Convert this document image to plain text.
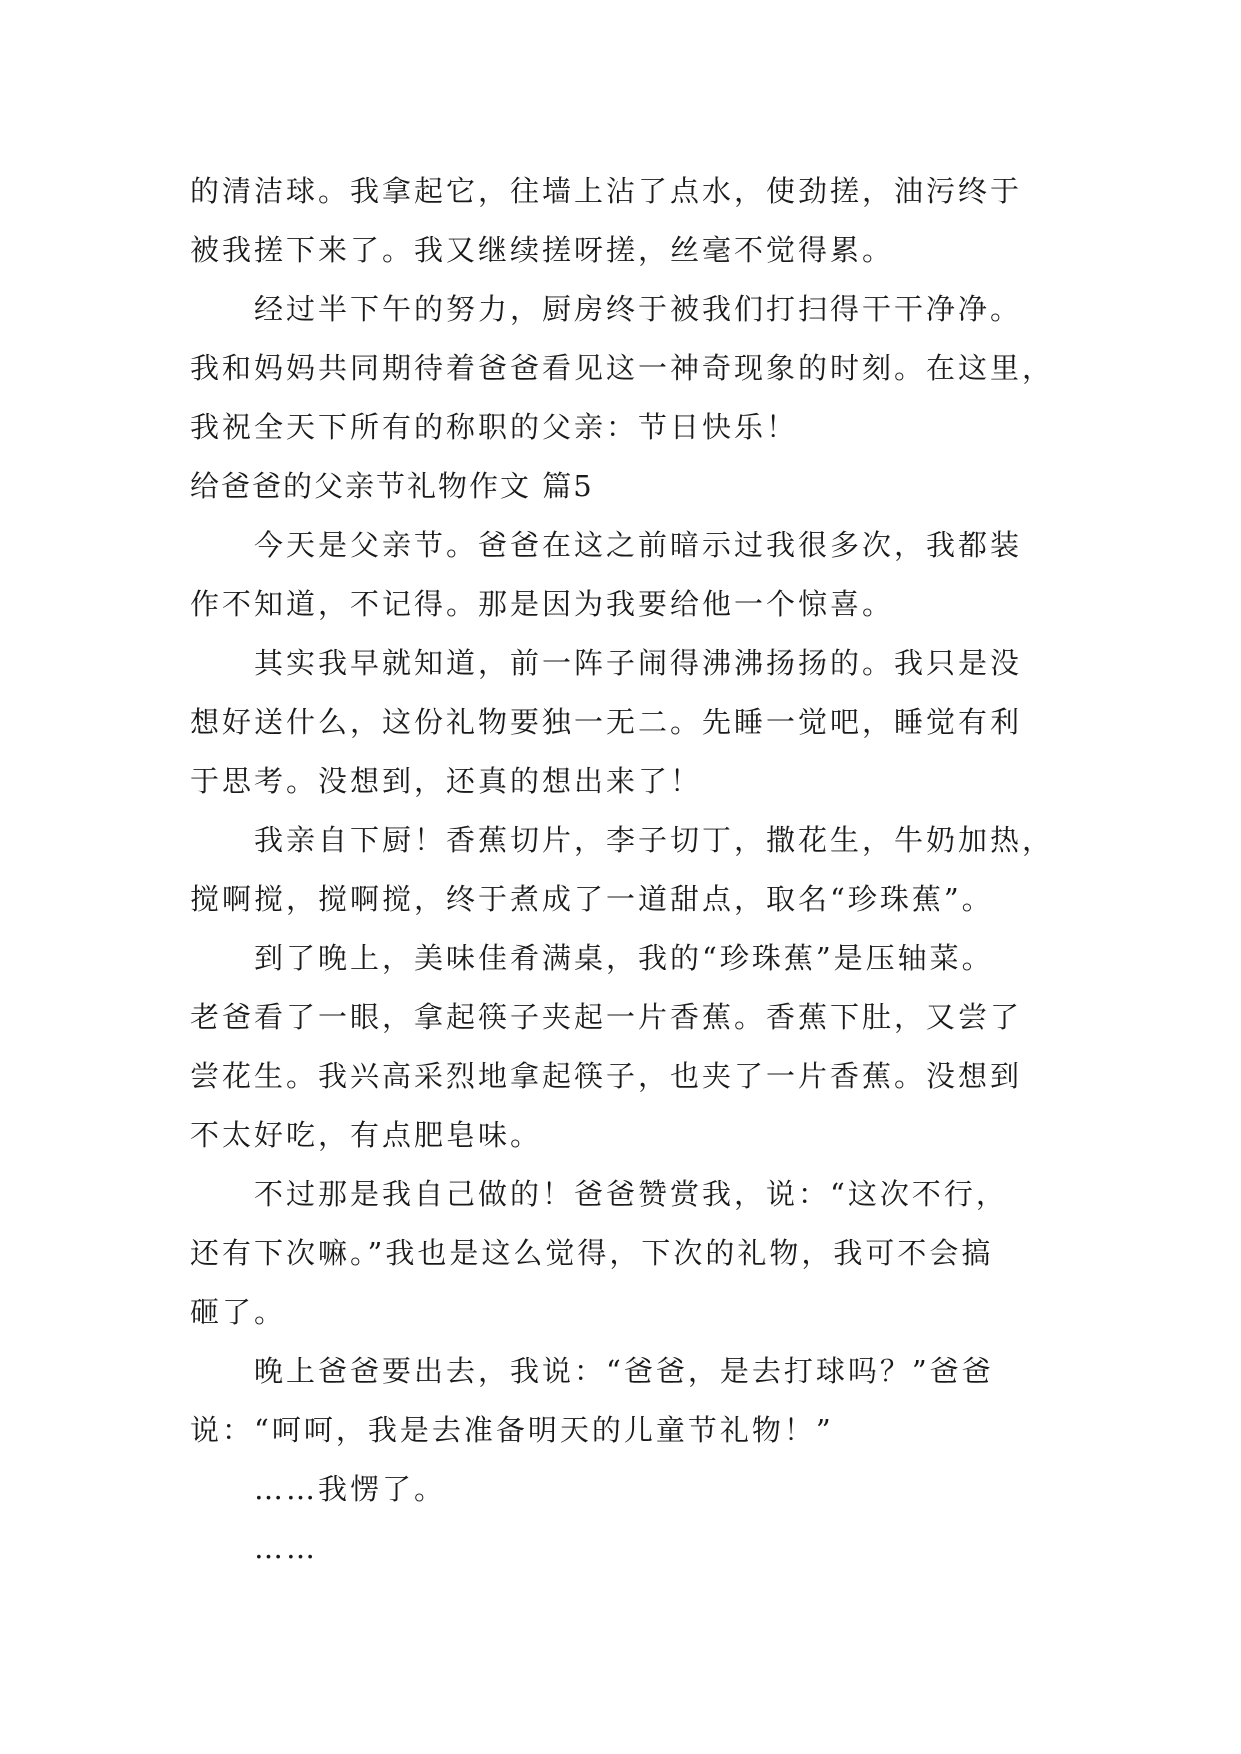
的清洁球。我拿起它，往墙上沾了点水，使劲搓，油污终于
被我搓下来了。我又继续搓呀搓，丝毫不觉得累。
经过半下午的努力，厨房终于被我们打扫得干干净净。
我和妈妈共同期待着爸爸看见这一神奇现象的时刻。在这里，
我祝全天下所有的称职的父亲：节日快乐！
给爸爸的父亲节礼物作文 篇5
今天是父亲节。爸爸在这之前暗示过我很多次，我都装
作不知道，不记得。那是因为我要给他一个惊喜。
其实我早就知道，前一阵子闹得沸沸扬扬的。我只是没
想好送什么，这份礼物要独一无二。先睡一觉吧，睡觉有利
于思考。没想到，还真的想出来了！
我亲自下厨！香蕉切片，李子切丁，撒花生，牛奶加热，
搅啊搅，搅啊搅，终于煮成了一道甜点，取名“珍珠蕉”。
到了晚上，美味佳肴满桌，我的“珍珠蕉”是压轴菜。
老爸看了一眼，拿起筷子夹起一片香蕉。香蕉下肚，又尝了
尝花生。我兴高采烈地拿起筷子，也夹了一片香蕉。没想到
不太好吃，有点肥皂味。
不过那是我自己做的！爸爸赞赏我，说：“这次不行，
还有下次嘛。”我也是这么觉得，下次的礼物，我可不会搞
砸了。
晚上爸爸要出去，我说：“爸爸，是去打球吗？”爸爸
说：“呵呵，我是去准备明天的儿童节礼物！”
……我愣了。
……
